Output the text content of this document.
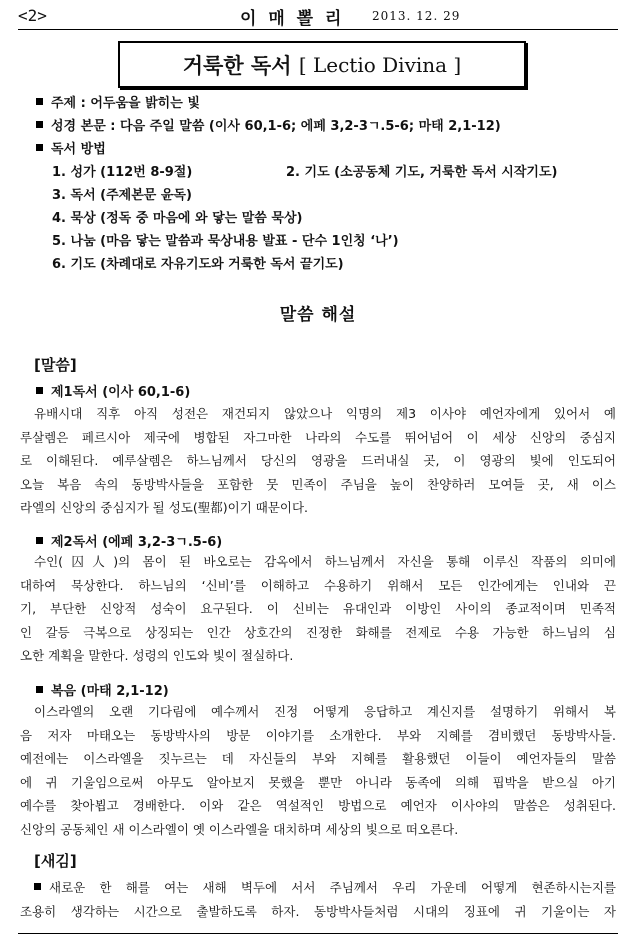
<2>	이 매 뽈 리 2013. 12. 29
거룩한 독서
[ Lectio Divina ]
주제 : 어두움을 밝히는 빛
성경 본문 : 다음 주일 말씀 (이사 60,1-6; 에페 3,2-3ㄱ.5-6; 마태 2,1-12)
독서 방법
1. 성가 (112번 8-9절)	2. 기도 (소공동체 기도, 거룩한 독서 시작기도)
3. 독서 (주제본문 윤독)
4. 묵상 (정독 중 마음에 와 닿는 말씀 묵상)
5. 나눔 (마음 닿는 말씀과 묵상내용 발표 - 단수 1인칭 ‘나’)
6. 기도 (차례대로 자유기도와 거룩한 독서 끝기도)
말씀 해설
[말씀]
제1독서 (이사 60,1-6)
유배시대 직후 아직 성전은 재건되지 않았으나 익명의 제3 이사야 예언자에게 있어서 예
루살렘은 페르시아 제국에 병합된 자그마한 나라의 수도를 뛰어넘어 이 세상 신앙의 중심지
로 이해된다. 예루살렘은 하느님께서 당신의 영광을 드러내실 곳, 이 영광의 빛에 인도되어
오늘 복음 속의 동방박사들을 포함한 뭇 민족이 주님을 높이 찬양하러 모여들 곳, 새 이스
라엘의 신앙의 중심지가 될 성도(聖都)이기 때문이다.
제2독서 (에페 3,2-3ㄱ.5-6)
수인(囚人)의 몸이 된 바오로는 감옥에서 하느님께서 자신을 통해 이루신 작품의 의미에
대하여 묵상한다. 하느님의 ‘신비’를 이해하고 수용하기 위해서 모든 인간에게는 인내와 끈
기, 부단한 신앙적 성숙이 요구된다. 이 신비는 유대인과 이방인 사이의 종교적이며 민족적
인 갈등 극복으로 상징되는 인간 상호간의 진정한 화해를 전제로 수용 가능한 하느님의 심
오한 계획을 말한다. 성령의 인도와 빛이 절실하다.
복음 (마태 2,1-12)
이스라엘의 오랜 기다림에 예수께서 진정 어떻게 응답하고 계신지를 설명하기 위해서 복
음 저자 마태오는 동방박사의 방문 이야기를 소개한다. 부와 지혜를 겸비했던 동방박사들.
예전에는 이스라엘을 짓누르는 데 자신들의 부와 지혜를 활용했던 이들이 예언자들의 말씀
에 귀 기울임으로써 아무도 알아보지 못했을 뿐만 아니라 동족에 의해 핍박을 받으실 아기
예수를 찾아뵙고 경배한다. 이와 같은 역설적인 방법으로 예언자 이사야의 말씀은 성취된다.
신앙의 공동체인 새 이스라엘이 옛 이스라엘을 대치하며 세상의 빛으로 떠오른다.
[새김]
새로운 한 해를 여는 새해 벽두에 서서 주님께서 우리 가운데 어떻게 현존하시는지를
조용히 생각하는 시간으로 출발하도록 하자. 동방박사들처럼 시대의 징표에 귀 기울이는 자
